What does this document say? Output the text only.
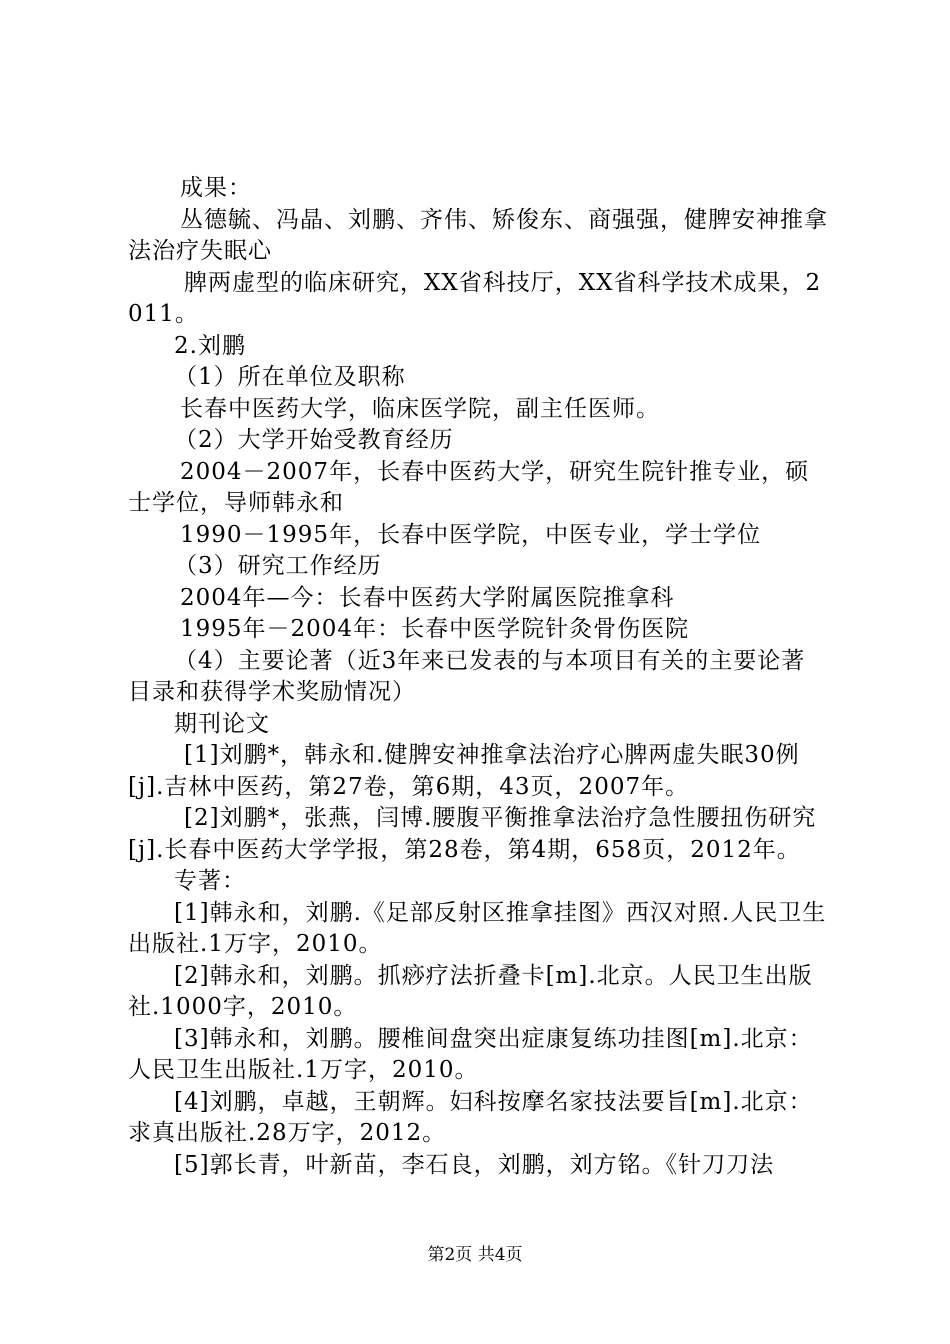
成果：

丛德毓、冯晶、刘鹏、齐伟、矫俊东、商强强，健脾安神推拿法治疗失眠心

脾两虚型的临床研究，XX省科技厅，XX省科学技术成果，2011。

2.刘鹏

（1）所在单位及职称

长春中医药大学，临床医学院，副主任医师。

（2）大学开始受教育经历

2004－2007年，长春中医药大学，研究生院针推专业，硕士学位，导师韩永和

1990－1995年，长春中医学院，中医专业，学士学位

（3）研究工作经历

2004年—今：长春中医药大学附属医院推拿科

1995年－2004年：长春中医学院针灸骨伤医院

（4）主要论著（近3年来已发表的与本项目有关的主要论著目录和获得学术奖励情况）

期刊论文

[1]刘鹏*，韩永和.健脾安神推拿法治疗心脾两虚失眠30例[j].吉林中医药，第27卷，第6期，43页，2007年。

[2]刘鹏*，张燕，闫博.腰腹平衡推拿法治疗急性腰扭伤研究[j].长春中医药大学学报，第28卷，第4期，658页，2012年。

专著：

[1]韩永和，刘鹏.《足部反射区推拿挂图》西汉对照.人民卫生出版社.1万字，2010。

[2]韩永和，刘鹏。抓痧疗法折叠卡[m].北京。人民卫生出版社.1000字，2010。

[3]韩永和，刘鹏。腰椎间盘突出症康复练功挂图[m].北京：人民卫生出版社.1万字，2010。

[4]刘鹏，卓越，王朝辉。妇科按摩名家技法要旨[m].北京：求真出版社.28万字，2012。

[5]郭长青，叶新苗，李石良，刘鹏，刘方铭。《针刀刀法

第2页 共4页
